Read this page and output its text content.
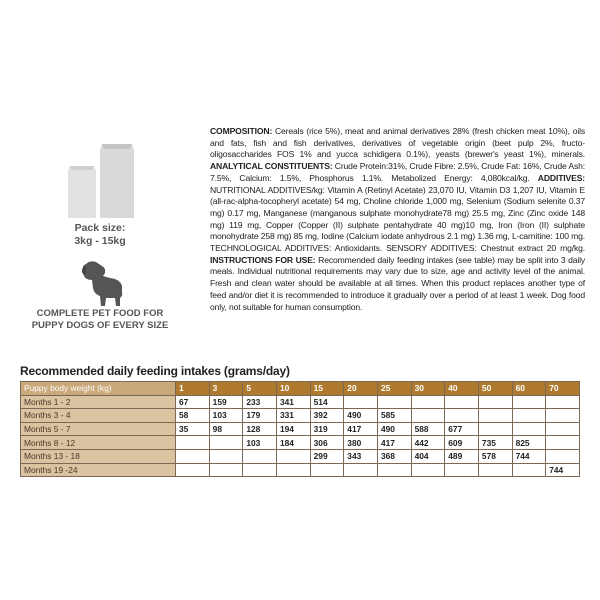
Pack size:
3kg - 15kg
COMPLETE PET FOOD FOR
PUPPY DOGS OF EVERY SIZE
COMPOSITION: Cereals (rice 5%), meat and animal derivatives 28% (fresh chicken meat 10%), oils and fats, fish and fish derivatives, derivatives of vegetable origin (beet pulp 2%, fructo-oligosaccharides FOS 1% and yucca schidigera 0.1%), yeasts (brewer's yeast 1%), minerals. ANALYTICAL CONSTITUENTS: Crude Protein:31%, Crude Fibre: 2.5%, Crude Fat: 16%, Crude Ash: 7.5%, Calcium: 1.5%, Phosphorus 1.1%. Metabolized Energy: 4,080kcal/kg. ADDITIVES: NUTRITIONAL ADDITIVES/kg: Vitamin A (Retinyl Acetate) 23,070 IU, Vitamin D3 1,207 IU, Vitamin E (all-rac-alpha-tocopheryl acetate) 54 mg, Choline chloride 1,000 mg, Selenium (Sodium selenite 0.37 mg) 0.17 mg, Manganese (manganous sulphate monohydrate78 mg) 25.5 mg, Zinc (Zinc oxide 148 mg) 119 mg, Copper (Copper (II) sulphate pentahydrate 40 mg)10 mg, Iron (Iron (II) sulphate monohydrate 258 mg) 85 mg, Iodine (Calcium iodate anhydrous 2.1 mg) 1.36 mg, L-carnitine: 100 mg. TECHNOLOGICAL ADDITIVES: Antioxidants. SENSORY ADDITIVES: Chestnut extract 20 mg/kg. INSTRUCTIONS FOR USE: Recommended daily feeding intakes (see table) may be split into 3 daily meals. Individual nutritional requirements may vary due to size, age and activity level of the animal. Fresh and clean water should be available at all times. When this product replaces another type of feed and/or diet it is recommended to introduce it gradually over a period of at least 1 week. Dog food only, not suitable for human consumption.
Recommended daily feeding intakes (grams/day)
Puppy body weight (kg)	1	3	5	10	15	20	25	30	40	50	60	70
Months 1 - 2	67	159	233	341	514							
Months 3 - 4	58	103	179	331	392	490	585					
Months 5 - 7	35	98	128	194	319	417	490	588	677			
Months 8 - 12			103	184	306	380	417	442	609	735	825	
Months 13 - 18					299	343	368	404	489	578	744	
Months 19 -24												744
